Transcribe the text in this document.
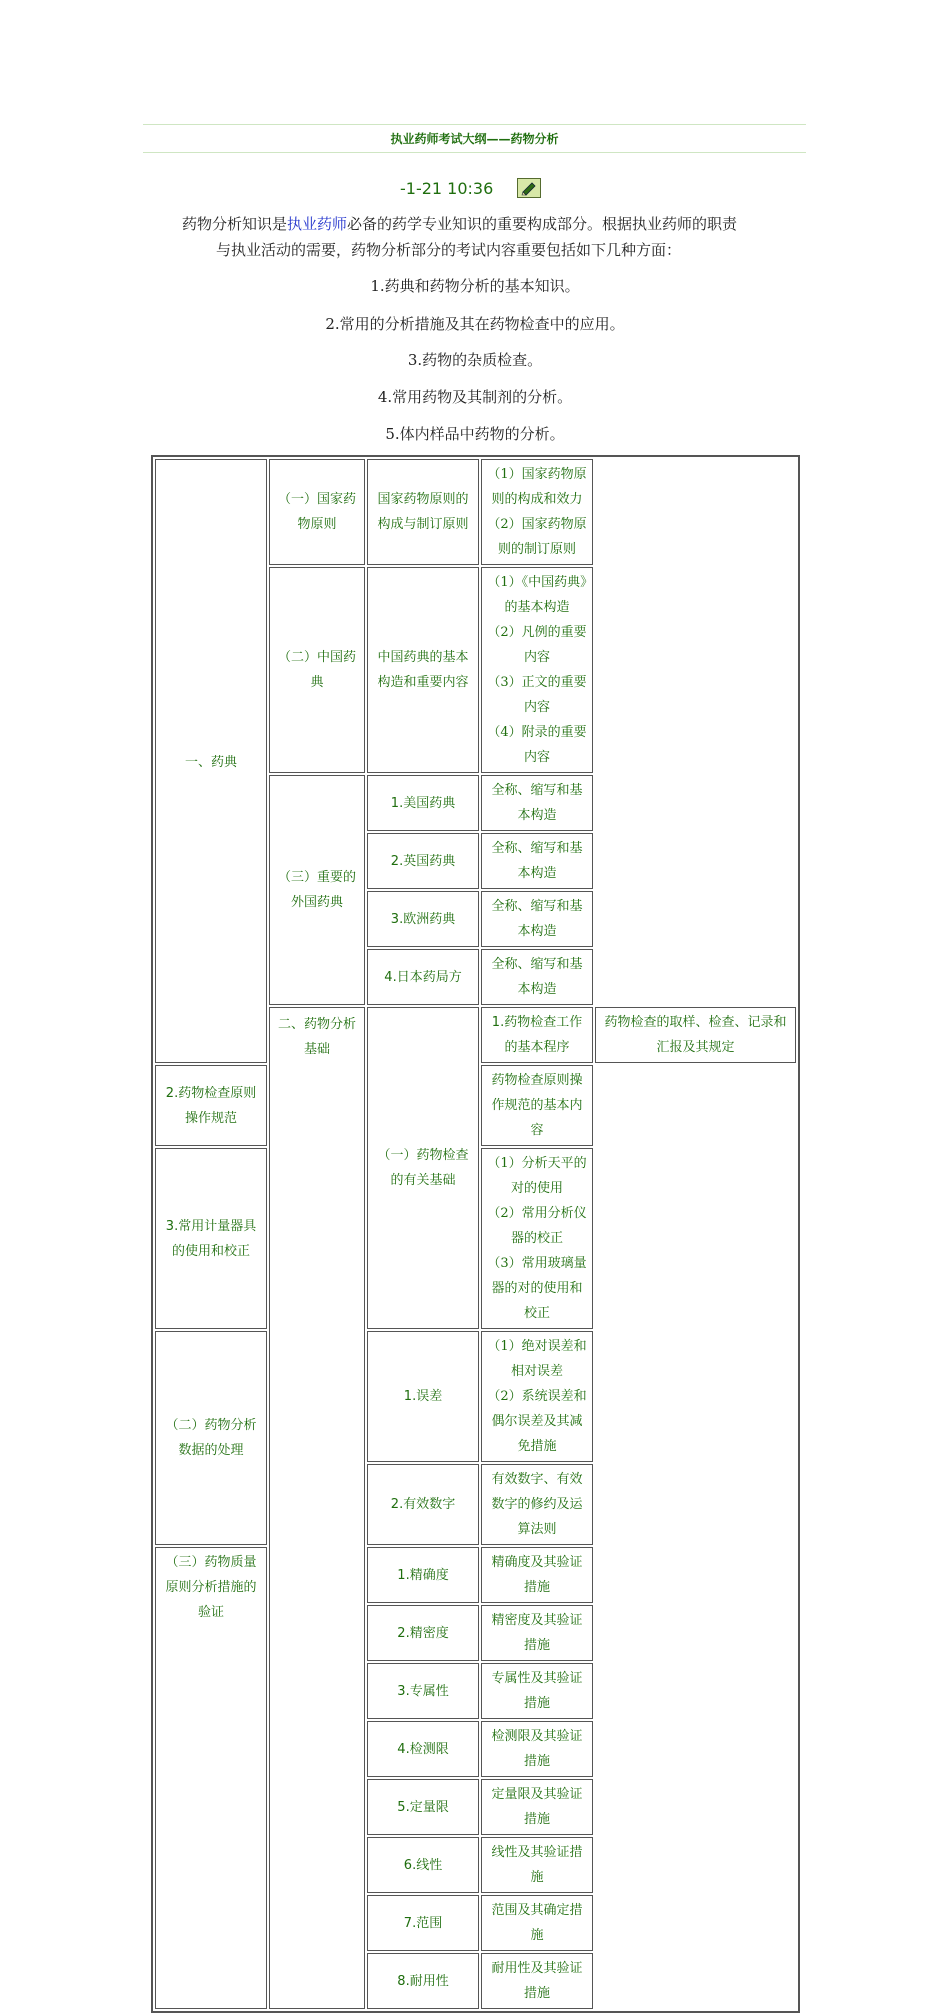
执业药师考试大纲——药物分析
-1-21 10:36
药物分析知识是执业药师必备的药学专业知识的重要构成部分。根据执业药师的职责
与执业活动的需要，药物分析部分的考试内容重要包括如下几种方面：
1.药典和药物分析的基本知识。
2.常用的分析措施及其在药物检查中的应用。
3.药物的杂质检查。
4.常用药物及其制剂的分析。
5.体内样品中药物的分析。
一、药典	（一）国家药物原则	国家药物原则的构成与制订原则	（1）国家药物原则的构成和效力
（2）国家药物原则的制订原则	

	（二）中国药典	中国药典的基本构造和重要内容	（1）《中国药典》的基本构造
（2）凡例的重要内容
（3）正文的重要内容
（4）附录的重要内容	

	（三）重要的外国药典	1.美国药典	全称、缩写和基本构造	
		2.英国药典	全称、缩写和基本构造	
		3.欧洲药典	全称、缩写和基本构造	
		4.日本药局方	全称、缩写和基本构造	
	二、药物分析基础	（一）药物检查的有关基础	1.药物检查工作的基本程序	药物检查的取样、检查、记录和汇报及其规定
2.药物检查原则操作规范			药物检查原则操作规范的基本内容	
3.常用计量器具的使用和校正			（1）分析天平的对的使用
（2）常用分析仪器的校正
（3）常用玻璃量器的对的使用和校正	

（二）药物分析数据的处理		1.误差	（1）绝对误差和相对误差
（2）系统误差和偶尔误差及其减免措施	

		2.有效数字	有效数字、有效数字的修约及运算法则	
（三）药物质量原则分析措施的验证		1.精确度	精确度及其验证措施	
		2.精密度	精密度及其验证措施	
		3.专属性	专属性及其验证措施	
		4.检测限	检测限及其验证措施	
		5.定量限	定量限及其验证措施	
		6.线性	线性及其验证措施	
		7.范围	范围及其确定措施	
		8.耐用性	耐用性及其验证措施	
